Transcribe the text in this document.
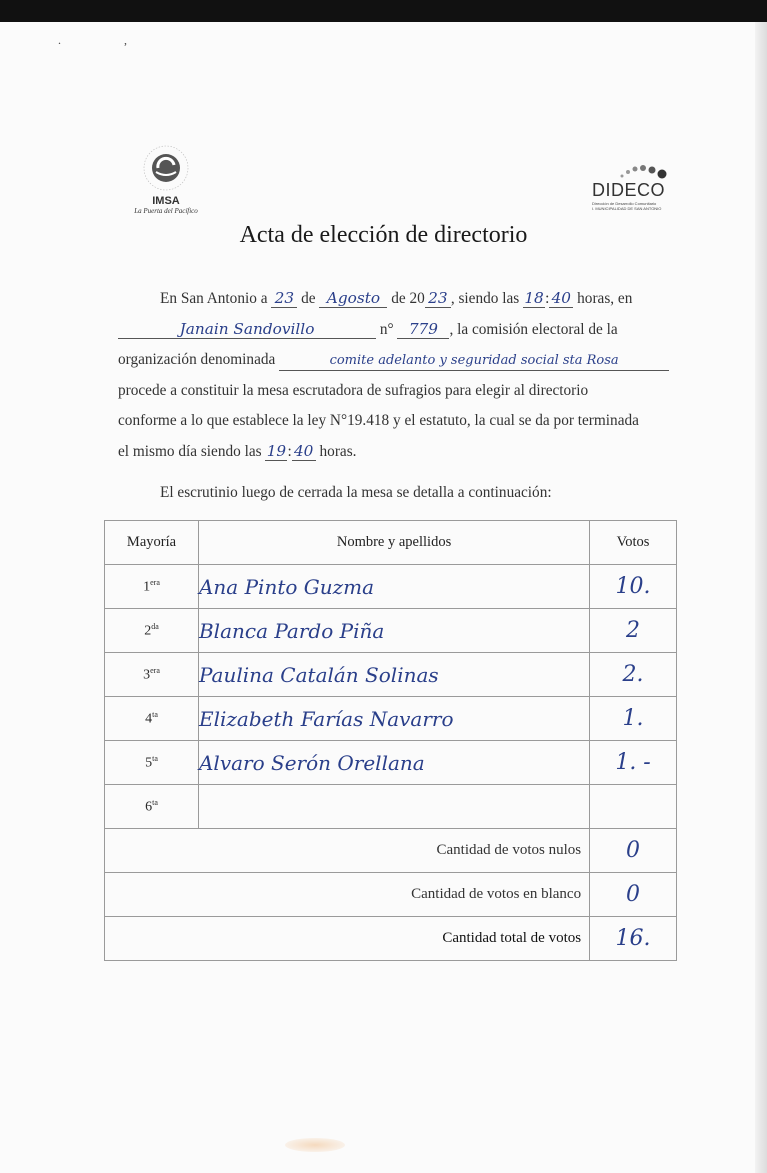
. ,
IMSA
La Puerta del Pacífico
DIDECO
Dirección de Desarrollo Comunitario
I. MUNICIPALIDAD DE SAN ANTONIO
Acta de elección de directorio
En San Antonio a 23 de Agosto de 20 23 , siendo las 18: 40 horas, en
Janain Sandovillo	n° 779 , la comisión electoral de la
organización denominada	comite adelanto y seguridad social sta Rosa
procede a constituir la mesa escrutadora de sufragios para elegir al directorio
conforme a lo que establece la ley N°19.418 y el estatuto, la cual se da por terminada
el mismo día siendo las 19: 40 horas.
El escrutinio luego de cerrada la mesa se detalla a continuación:
Mayoría	Nombre y apellidos	Votos
$1^{era}$	Ana Pinto Guzma	10.
$2^{da}$	Blanca Pardo Piña	2
$3^{era}$	Paulina Catalán Solinas	2.
$4^{ta}$	Elizabeth Farías Navarro	1.
$5^{ta}$	Alvaro Serón Orellana	1. -
$6^{ta}$		
Cantidad de votos nulos		0
Cantidad de votos en blanco		0
Cantidad total de votos		16.
